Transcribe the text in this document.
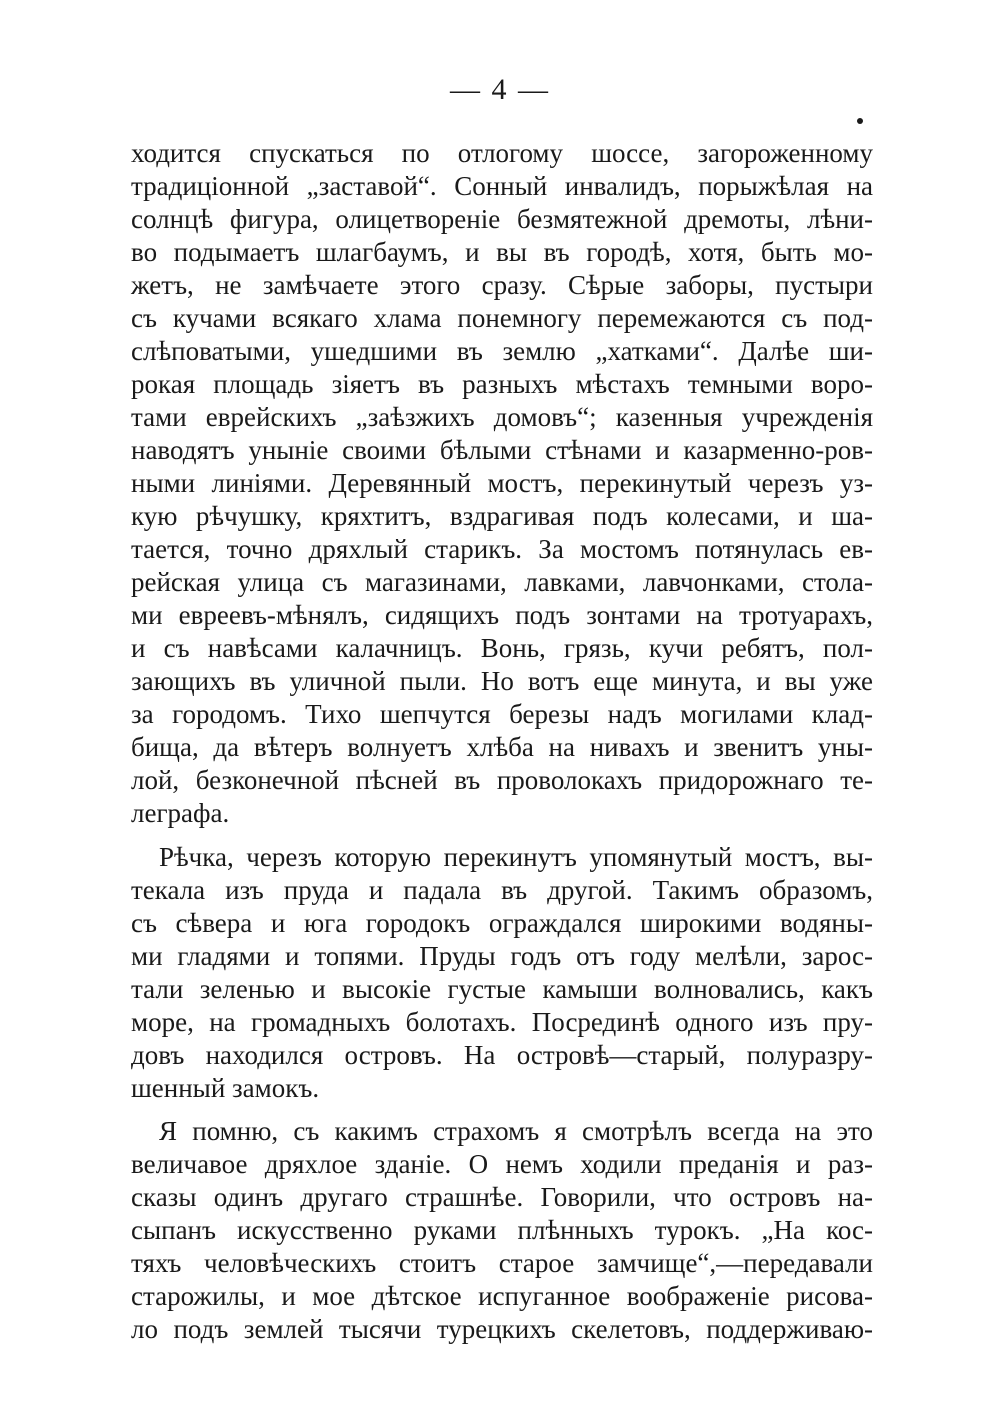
— 4 —
ходится спускаться по отлогому шоссе, загороженному
традиціонной „заставой“. Сонный инвалидъ, порыжѣлая на
солнцѣ фигура, олицетвореніе безмятежной дремоты, лѣни-
во подымаетъ шлагбаумъ, и вы въ городѣ, хотя, быть мо-
жетъ, не замѣчаете этого сразу. Сѣрые заборы, пустыри
съ кучами всякаго хлама понемногу перемежаются съ под-
слѣповатыми, ушедшими въ землю „хатками“. Далѣе ши-
рокая площадь зіяетъ въ разныхъ мѣстахъ темными воро-
тами еврейскихъ „заѣзжихъ домовъ“; казенныя учрежденія
наводятъ уныніе своими бѣлыми стѣнами и казарменно-ров-
ными линіями. Деревянный мостъ, перекинутый черезъ уз-
кую рѣчушку, кряхтитъ, вздрагивая подъ колесами, и ша-
тается, точно дряхлый старикъ. За мостомъ потянулась ев-
рейская улица съ магазинами, лавками, лавчонками, стола-
ми евреевъ-мѣнялъ, сидящихъ подъ зонтами на тротуарахъ,
и съ навѣсами калачницъ. Вонь, грязь, кучи ребятъ, пол-
зающихъ въ уличной пыли. Но вотъ еще минута, и вы уже
за городомъ. Тихо шепчутся березы надъ могилами клад-
бища, да вѣтеръ волнуетъ хлѣба на нивахъ и звенитъ уны-
лой, безконечной пѣсней въ проволокахъ придорожнаго те-
леграфа.
Рѣчка, черезъ которую перекинутъ упомянутый мостъ, вы-
текала изъ пруда и падала въ другой. Такимъ образомъ,
съ сѣвера и юга городокъ ограждался широкими водяны-
ми гладями и топями. Пруды годъ отъ году мелѣли, зарос-
тали зеленью и высокіе густые камыши волновались, какъ
море, на громадныхъ болотахъ. Посрединѣ одного изъ пру-
довъ находился островъ. На островѣ—старый, полуразру-
шенный замокъ.
Я помню, съ какимъ страхомъ я смотрѣлъ всегда на это
величавое дряхлое зданіе. О немъ ходили преданія и раз-
сказы одинъ другаго страшнѣе. Говорили, что островъ на-
сыпанъ искусственно руками плѣнныхъ турокъ. „На кос-
тяхъ человѣческихъ стоитъ старое замчище“,—передавали
старожилы, и мое дѣтское испуганное воображеніе рисова-
ло подъ землей тысячи турецкихъ скелетовъ, поддерживаю-
